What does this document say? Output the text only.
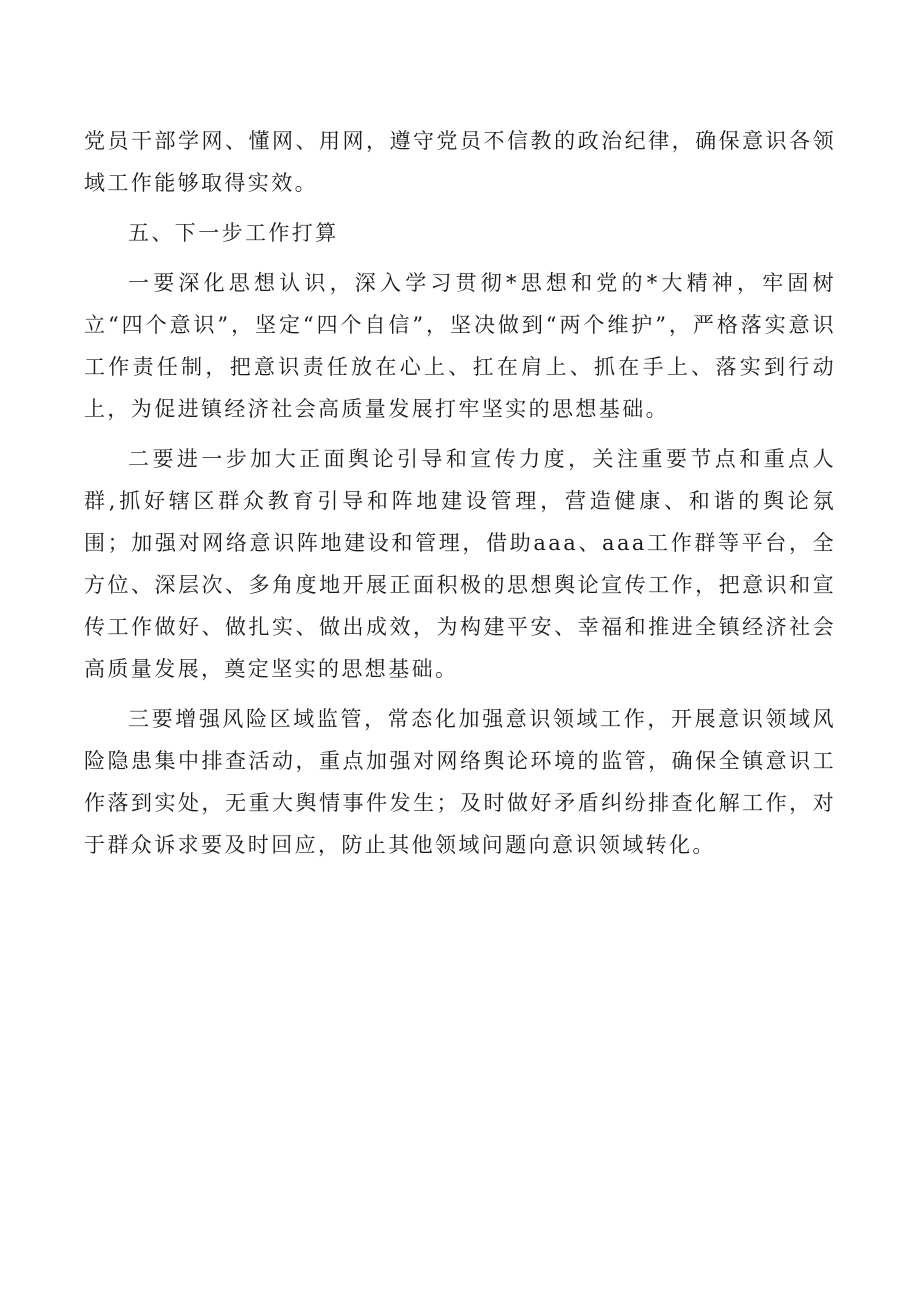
党员干部学网、懂网、用网，遵守党员不信教的政治纪律，确保意识各领域工作能够取得实效。

五、下一步工作打算

一要深化思想认识，深入学习贯彻*思想和党的*大精神，牢固树立“四个意识”，坚定“四个自信”，坚决做到“两个维护”，严格落实意识工作责任制，把意识责任放在心上、扛在肩上、抓在手上、落实到行动上，为促进镇经济社会高质量发展打牢坚实的思想基础。

二要进一步加大正面舆论引导和宣传力度，关注重要节点和重点人群,抓好辖区群众教育引导和阵地建设管理，营造健康、和谐的舆论氛围；加强对网络意识阵地建设和管理，借助aaa、aaa工作群等平台，全方位、深层次、多角度地开展正面积极的思想舆论宣传工作，把意识和宣传工作做好、做扎实、做出成效，为构建平安、幸福和推进全镇经济社会高质量发展，奠定坚实的思想基础。

三要增强风险区域监管，常态化加强意识领域工作，开展意识领域风险隐患集中排查活动，重点加强对网络舆论环境的监管，确保全镇意识工作落到实处，无重大舆情事件发生；及时做好矛盾纠纷排查化解工作，对于群众诉求要及时回应，防止其他领域问题向意识领域转化。
